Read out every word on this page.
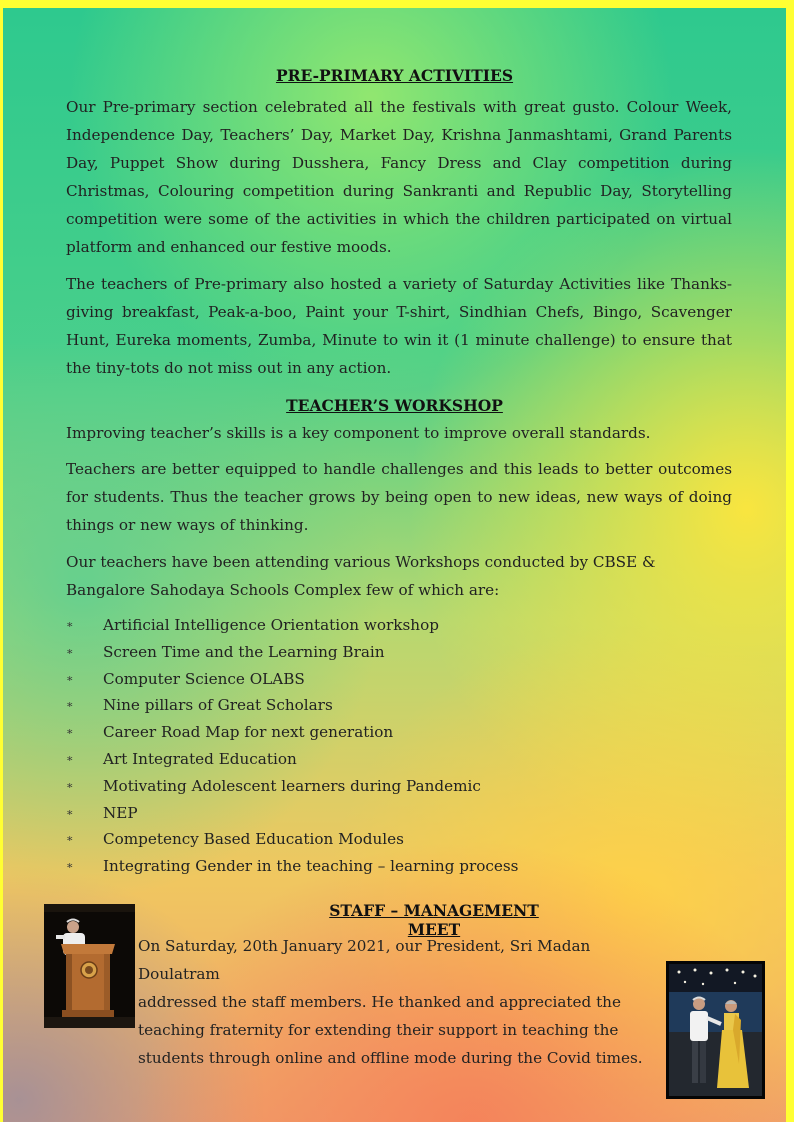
PRE-PRIMARY ACTIVITIES

Our Pre-primary section celebrated all the festivals with great gusto. Colour Week, Independence Day, Teachers’ Day, Market Day, Krishna Janmashtami, Grand Parents Day, Puppet Show during Dusshera, Fancy Dress and Clay competition during Christmas, Colouring competition during Sankranti and Republic Day, Storytelling competition were some of the activities in which the children participated on virtual platform and enhanced our festive moods.

The teachers of Pre-primary also hosted a variety of Saturday Activities like Thanks-giving breakfast, Peak-a-boo, Paint your T-shirt, Sindhian Chefs, Bingo, Scavenger Hunt, Eureka moments, Zumba, Minute to win it (1 minute challenge) to ensure that the tiny-tots do not miss out in any action.

TEACHER’S WORKSHOP

Improving teacher’s skills is a key component to improve overall standards.

Teachers are better equipped to handle challenges and this leads to better outcomes for students. Thus the teacher grows by being open to new ideas, new ways of doing things or new ways of thinking.

Our teachers have been attending various Workshops conducted by CBSE & Bangalore Sahodaya Schools Complex few of which are:

∗	Artificial Intelligence Orientation workshop
∗	Screen Time and the Learning Brain
∗	Computer Science OLABS
∗	Nine pillars of Great Scholars
∗	Career Road Map for next generation
∗	Art Integrated Education
∗	Motivating Adolescent learners during Pandemic
∗	NEP
∗	Competency Based Education Modules
∗	Integrating Gender in the teaching – learning process
STAFF – MANAGEMENT MEET
On Saturday, 20th January 2021, our President, Sri Madan Doulatram
addressed the staff members. He thanked and appreciated the
teaching fraternity for extending their support in teaching the
students through online and offline mode during the Covid times.
